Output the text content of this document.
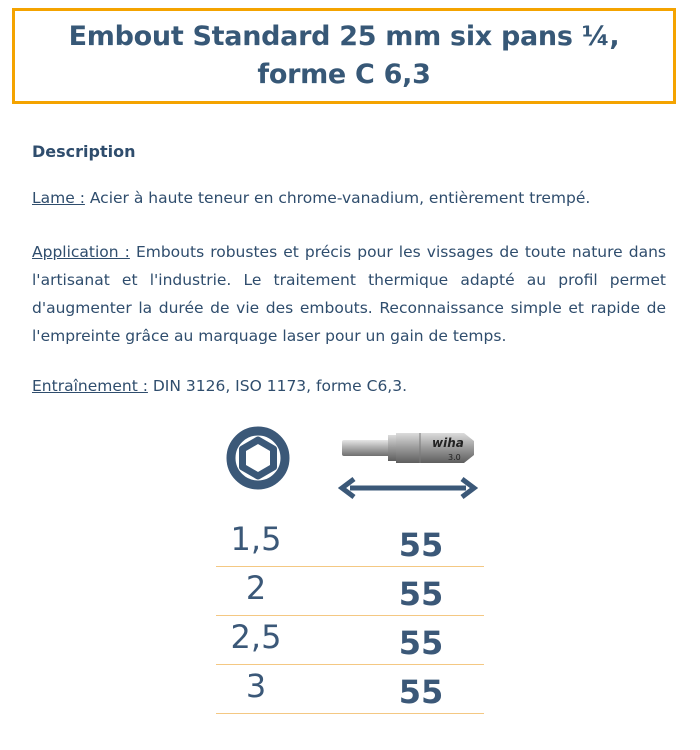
Embout Standard 25 mm six pans ¼,
forme C 6,3
Description
Lame : Acier à haute teneur en chrome-vanadium, entièrement trempé.
Application : Embouts robustes et précis pour les vissages de toute nature dans l'artisanat et l'industrie. Le traitement thermique adapté au profil permet d'augmenter la durée de vie des embouts. Reconnaissance simple et rapide de l'empreinte grâce au marquage laser pour un gain de temps.
Entraînement : DIN 3126, ISO 1173, forme C6,3.
wiha
3.0
1,5	55
2	55
2,5	55
3	55
